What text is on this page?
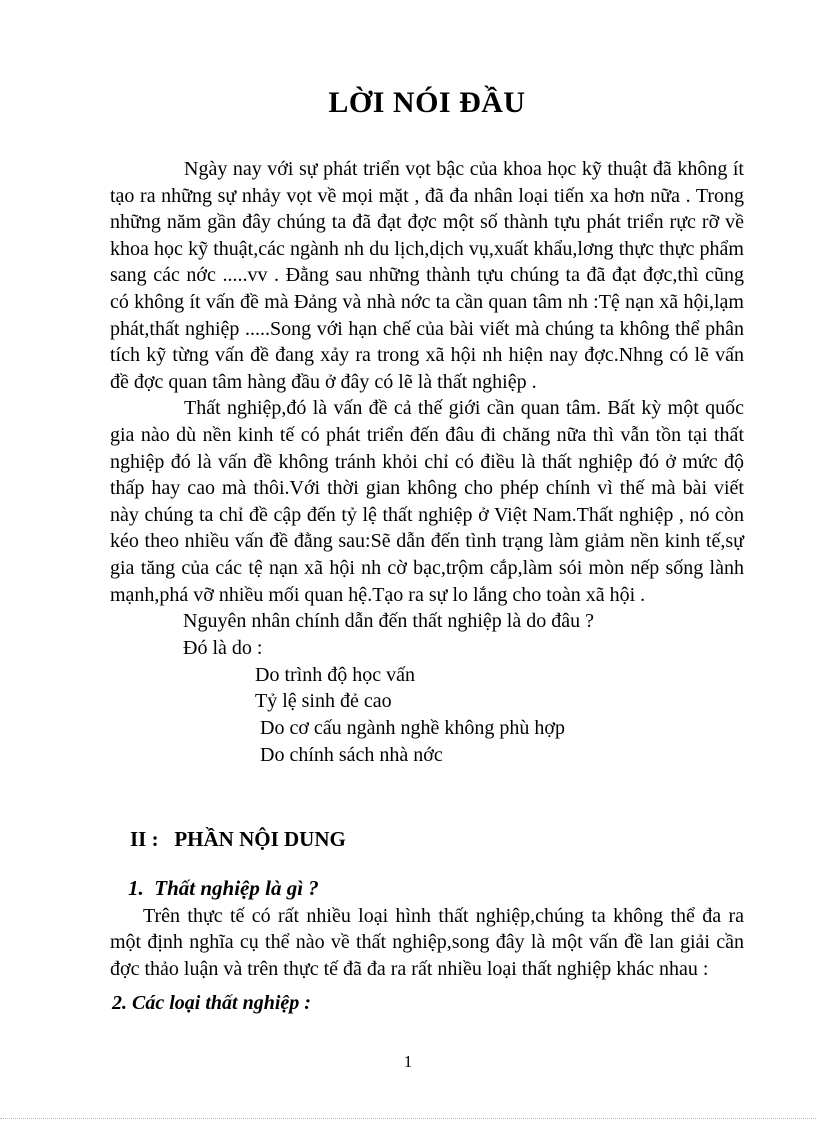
LỜI NÓI ĐẦU

Ngày nay với sự phát triển vọt bậc của khoa học kỹ thuật đã không ít tạo ra những sự nhảy vọt về mọi mặt , đã đa nhân loại tiến xa hơn nữa . Trong những năm gần đây chúng ta đã đạt đợc một số thành tựu phát triển rực rỡ về khoa học kỹ thuật,các ngành nh du lịch,dịch vụ,xuất khẩu,lơng thực thực phẩm sang các nớc .....vv . Đằng sau những thành tựu chúng ta đã đạt đợc,thì cũng có không ít vấn đề mà Đảng và nhà nớc ta cần quan tâm nh :Tệ nạn xã hội,lạm phát,thất nghiệp .....Song với hạn chế của bài viết mà chúng ta không thể phân tích kỹ từng vấn đề đang xảy ra trong xã hội nh hiện nay đợc.Nhng có lẽ vấn đề đợc quan tâm hàng đầu ở đây có lẽ là thất nghiệp .

Thất nghiệp,đó là vấn đề cả thế giới cần quan tâm. Bất kỳ một quốc gia nào dù nền kinh tế có phát triển đến đâu đi chăng nữa thì vẫn tồn tại thất nghiệp đó là vấn đề không tránh khỏi chỉ có điều là thất nghiệp đó ở mức độ thấp hay cao mà thôi.Với thời gian không cho phép chính vì thế mà bài viết này chúng ta chỉ đề cập đến tỷ lệ thất nghiệp ở Việt Nam.Thất nghiệp , nó còn kéo theo nhiều vấn đề đằng sau:Sẽ dẫn đến tình trạng làm giảm nền kinh tế,sự gia tăng của các tệ nạn xã hội nh cờ bạc,trộm cắp,làm sói mòn nếp sống lành mạnh,phá vỡ nhiều mối quan hệ.Tạo ra sự lo lắng cho toàn xã hội .

Nguyên nhân chính dẫn đến thất nghiệp là do đâu ?

Đó là do :

Do trình độ học vấn

Tỷ lệ sinh đẻ cao

Do cơ cấu ngành nghề không phù hợp

Do chính sách nhà nớc

II :   PHẦN NỘI DUNG
1.  Thất nghiệp là gì ?

Trên thực tế có rất nhiều loại hình thất nghiệp,chúng ta không thể đa ra một định nghĩa cụ thể nào về thất nghiệp,song đây là một vấn đề lan giải cần đợc thảo luận và trên thực tế đã đa ra rất nhiều loại thất nghiệp khác nhau :

2. Các loại thất nghiệp :
1
